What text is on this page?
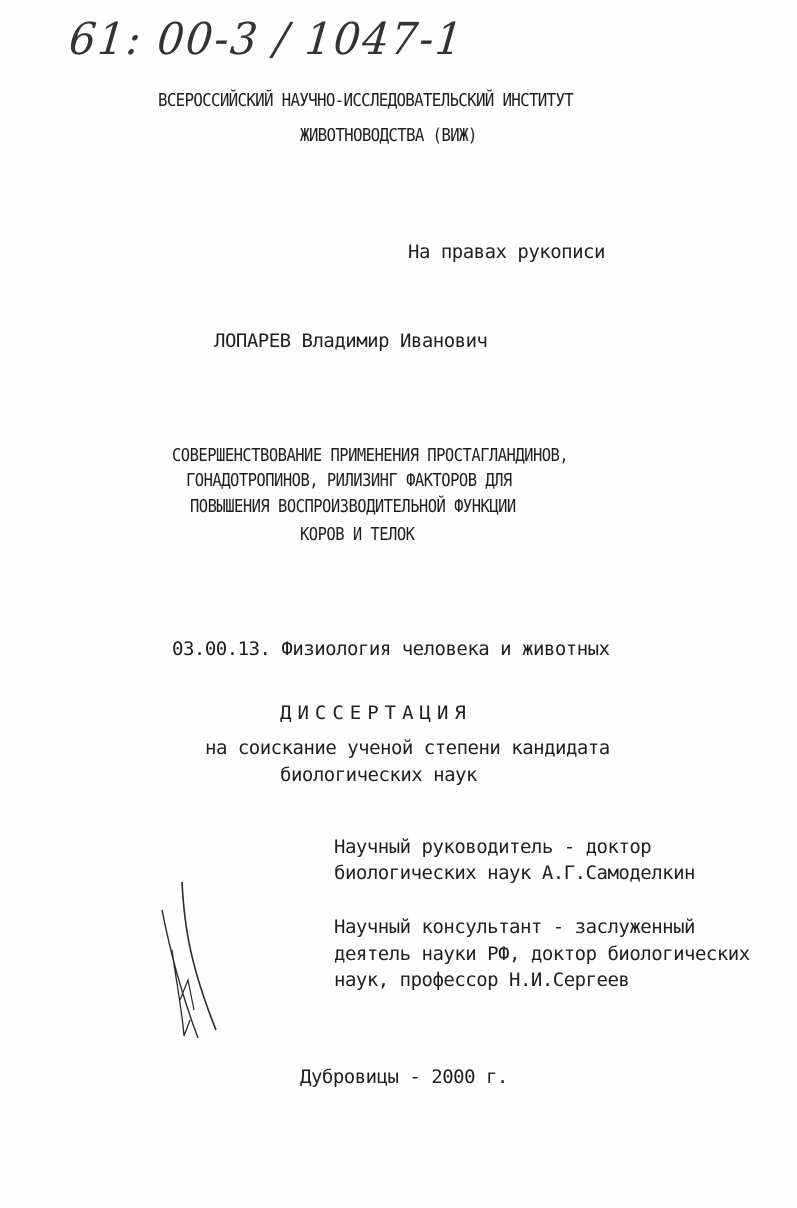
61: 00-3 / 1047-1
ВСЕРОССИЙСКИЙ НАУЧНО-ИССЛЕДОВАТЕЛЬСКИЙ ИНСТИТУТ
ЖИВОТНОВОДСТВА (ВИЖ)
На правах рукописи
ЛОПАРЕВ Владимир Иванович
СОВЕРШЕНСТВОВАНИЕ ПРИМЕНЕНИЯ ПРОСТАГЛАНДИНОВ,
ГОНАДОТРОПИНОВ, РИЛИЗИНГ ФАКТОРОВ ДЛЯ
ПОВЫШЕНИЯ ВОСПРОИЗВОДИТЕЛЬНОЙ ФУНКЦИИ
КОРОВ И ТЕЛОК
03.00.13. Физиология человека и животных
ДИССЕРТАЦИЯ
на соискание ученой степени кандидата
биологических наук
Научный руководитель - доктор
биологических наук А.Г.Самоделкин
Научный консультант - заслуженный
деятель науки РФ, доктор биологических
наук, профессор Н.И.Сергеев
Дубровицы - 2000 г.
